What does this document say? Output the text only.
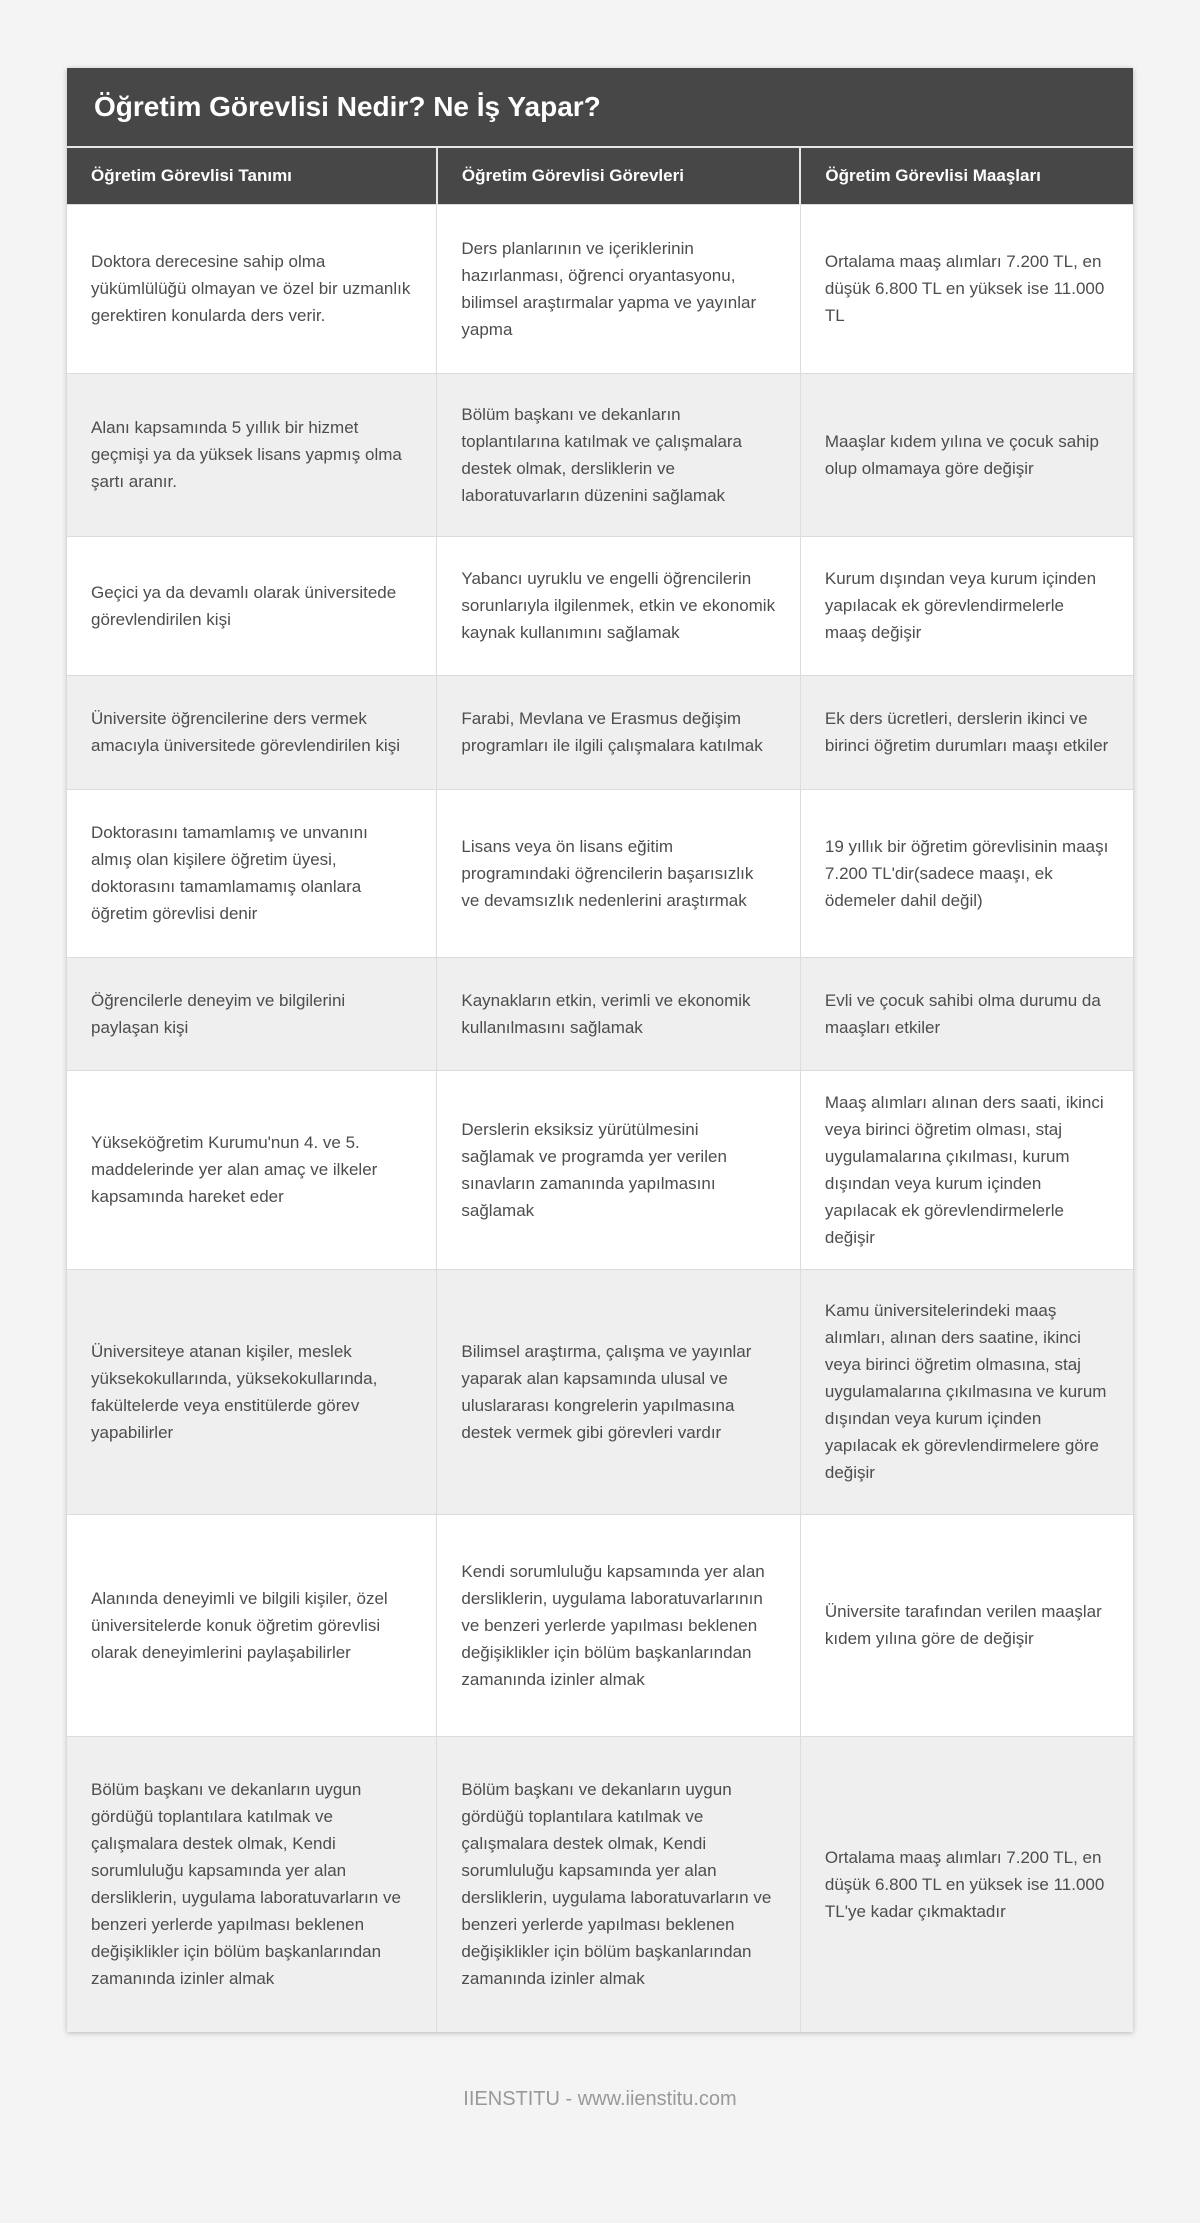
Öğretim Görevlisi Nedir? Ne İş Yapar?
Öğretim Görevlisi Tanımı	Öğretim Görevlisi Görevleri	Öğretim Görevlisi Maaşları
Doktora derecesine sahip olma yükümlülüğü olmayan ve özel bir uzmanlık gerektiren konularda ders verir.	Ders planlarının ve içeriklerinin hazırlanması, öğrenci oryantasyonu, bilimsel araştırmalar yapma ve yayınlar yapma	Ortalama maaş alımları 7.200 TL, en düşük 6.800 TL en yüksek ise 11.000 TL
Alanı kapsamında 5 yıllık bir hizmet geçmişi ya da yüksek lisans yapmış olma şartı aranır.	Bölüm başkanı ve dekanların toplantılarına katılmak ve çalışmalara destek olmak, dersliklerin ve laboratuvarların düzenini sağlamak	Maaşlar kıdem yılına ve çocuk sahip olup olmamaya göre değişir
Geçici ya da devamlı olarak üniversitede görevlendirilen kişi	Yabancı uyruklu ve engelli öğrencilerin sorunlarıyla ilgilenmek, etkin ve ekonomik kaynak kullanımını sağlamak	Kurum dışından veya kurum içinden yapılacak ek görevlendirmelerle maaş değişir
Üniversite öğrencilerine ders vermek amacıyla üniversitede görevlendirilen kişi	Farabi, Mevlana ve Erasmus değişim programları ile ilgili çalışmalara katılmak	Ek ders ücretleri, derslerin ikinci ve birinci öğretim durumları maaşı etkiler
Doktorasını tamamlamış ve unvanını almış olan kişilere öğretim üyesi, doktorasını tamamlamamış olanlara öğretim görevlisi denir	Lisans veya ön lisans eğitim programındaki öğrencilerin başarısızlık ve devamsızlık nedenlerini araştırmak	19 yıllık bir öğretim görevlisinin maaşı 7.200 TL'dir(sadece maaşı, ek ödemeler dahil değil)
Öğrencilerle deneyim ve bilgilerini paylaşan kişi	Kaynakların etkin, verimli ve ekonomik kullanılmasını sağlamak	Evli ve çocuk sahibi olma durumu da maaşları etkiler
Yükseköğretim Kurumu'nun 4. ve 5. maddelerinde yer alan amaç ve ilkeler kapsamında hareket eder	Derslerin eksiksiz yürütülmesini sağlamak ve programda yer verilen sınavların zamanında yapılmasını sağlamak	Maaş alımları alınan ders saati, ikinci veya birinci öğretim olması, staj uygulamalarına çıkılması, kurum dışından veya kurum içinden yapılacak ek görevlendirmelerle değişir
Üniversiteye atanan kişiler, meslek yüksekokullarında, yüksekokullarında, fakültelerde veya enstitülerde görev yapabilirler	Bilimsel araştırma, çalışma ve yayınlar yaparak alan kapsamında ulusal ve uluslararası kongrelerin yapılmasına destek vermek gibi görevleri vardır	Kamu üniversitelerindeki maaş alımları, alınan ders saatine, ikinci veya birinci öğretim olmasına, staj uygulamalarına çıkılmasına ve kurum dışından veya kurum içinden yapılacak ek görevlendirmelere göre değişir
Alanında deneyimli ve bilgili kişiler, özel üniversitelerde konuk öğretim görevlisi olarak deneyimlerini paylaşabilirler	Kendi sorumluluğu kapsamında yer alan dersliklerin, uygulama laboratuvarlarının ve benzeri yerlerde yapılması beklenen değişiklikler için bölüm başkanlarından zamanında izinler almak	Üniversite tarafından verilen maaşlar kıdem yılına göre de değişir
Bölüm başkanı ve dekanların uygun gördüğü toplantılara katılmak ve çalışmalara destek olmak, Kendi sorumluluğu kapsamında yer alan dersliklerin, uygulama laboratuvarların ve benzeri yerlerde yapılması beklenen değişiklikler için bölüm başkanlarından zamanında izinler almak	Bölüm başkanı ve dekanların uygun gördüğü toplantılara katılmak ve çalışmalara destek olmak, Kendi sorumluluğu kapsamında yer alan dersliklerin, uygulama laboratuvarların ve benzeri yerlerde yapılması beklenen değişiklikler için bölüm başkanlarından zamanında izinler almak	Ortalama maaş alımları 7.200 TL, en düşük 6.800 TL en yüksek ise 11.000 TL'ye kadar çıkmaktadır
IIENSTITU - www.iienstitu.com
